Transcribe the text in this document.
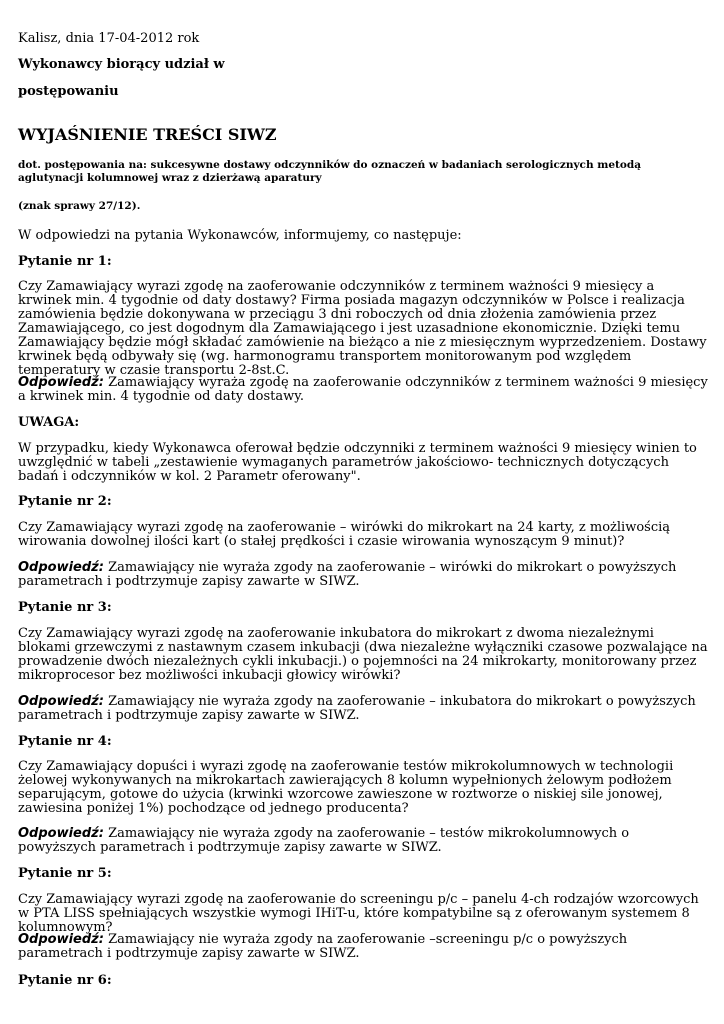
Kalisz, dnia 17-04-2012 rok

Wykonawcy biorący udział w

postępowaniu

WYJAŚNIENIE TREŚCI SIWZ

dot. postępowania na: sukcesywne dostawy odczynników do oznaczeń w badaniach serologicznych metodą aglutynacji kolumnowej wraz z dzierżawą aparatury

(znak sprawy 27/12).

W odpowiedzi na pytania Wykonawców, informujemy, co następuje:

Pytanie nr 1:

Czy Zamawiający wyrazi zgodę na zaoferowanie odczynników z terminem ważności 9 miesięcy a krwinek min. 4 tygodnie od daty dostawy? Firma posiada magazyn odczynników w Polsce i realizacja zamówienia będzie dokonywana w przeciągu 3 dni roboczych od dnia złożenia zamówienia przez Zamawiającego, co jest dogodnym dla Zamawiającego i jest uzasadnione ekonomicznie. Dzięki temu Zamawiający będzie mógł składać zamówienie na bieżąco a nie z miesięcznym wyprzedzeniem. Dostawy krwinek będą odbywały się (wg. harmonogramu transportem monitorowanym pod względem temperatury w czasie transportu 2-8st.C.

Odpowiedź: Zamawiający wyraża zgodę na zaoferowanie odczynników z terminem ważności 9 miesięcy a krwinek min. 4 tygodnie od daty dostawy.

UWAGA:

W przypadku, kiedy Wykonawca oferował będzie odczynniki z terminem ważności 9 miesięcy winien to uwzględnić w tabeli „zestawienie wymaganych parametrów jakościowo- technicznych dotyczących badań i odczynników w kol. 2 Parametr oferowany".

Pytanie nr 2:

Czy Zamawiający wyrazi zgodę na zaoferowanie – wirówki do mikrokart na 24 karty, z możliwością wirowania dowolnej ilości kart (o stałej prędkości i czasie wirowania wynoszącym 9 minut)?

Odpowiedź: Zamawiający nie wyraża zgody na zaoferowanie – wirówki do mikrokart o powyższych parametrach i podtrzymuje zapisy zawarte w SIWZ.

Pytanie nr 3:

Czy Zamawiający wyrazi zgodę na zaoferowanie inkubatora do mikrokart z dwoma niezależnymi blokami grzewczymi z nastawnym czasem inkubacji (dwa niezależne wyłączniki czasowe pozwalające na prowadzenie dwóch niezależnych cykli inkubacji.) o pojemności na 24 mikrokarty, monitorowany przez mikroprocesor bez możliwości inkubacji głowicy wirówki?

Odpowiedź: Zamawiający nie wyraża zgody na zaoferowanie – inkubatora do mikrokart o powyższych parametrach i podtrzymuje zapisy zawarte w SIWZ.

Pytanie nr 4:

Czy Zamawiający dopuści i wyrazi zgodę na zaoferowanie testów mikrokolumnowych w technologii żelowej wykonywanych na mikrokartach zawierających 8 kolumn wypełnionych żelowym podłożem separującym, gotowe do użycia (krwinki wzorcowe zawieszone w roztworze o niskiej sile jonowej, zawiesina poniżej 1%) pochodzące od jednego producenta?

Odpowiedź: Zamawiający nie wyraża zgody na zaoferowanie – testów mikrokolumnowych o powyższych parametrach i podtrzymuje zapisy zawarte w SIWZ.

Pytanie nr 5:

Czy Zamawiający wyrazi zgodę na zaoferowanie do screeningu p/c – panelu 4-ch rodzajów wzorcowych w PTA LISS spełniających wszystkie wymogi IHiT-u, które kompatybilne są z oferowanym systemem 8 kolumnowym?

Odpowiedź: Zamawiający nie wyraża zgody na zaoferowanie –screeningu p/c o powyższych parametrach i podtrzymuje zapisy zawarte w SIWZ.

Pytanie nr 6:
